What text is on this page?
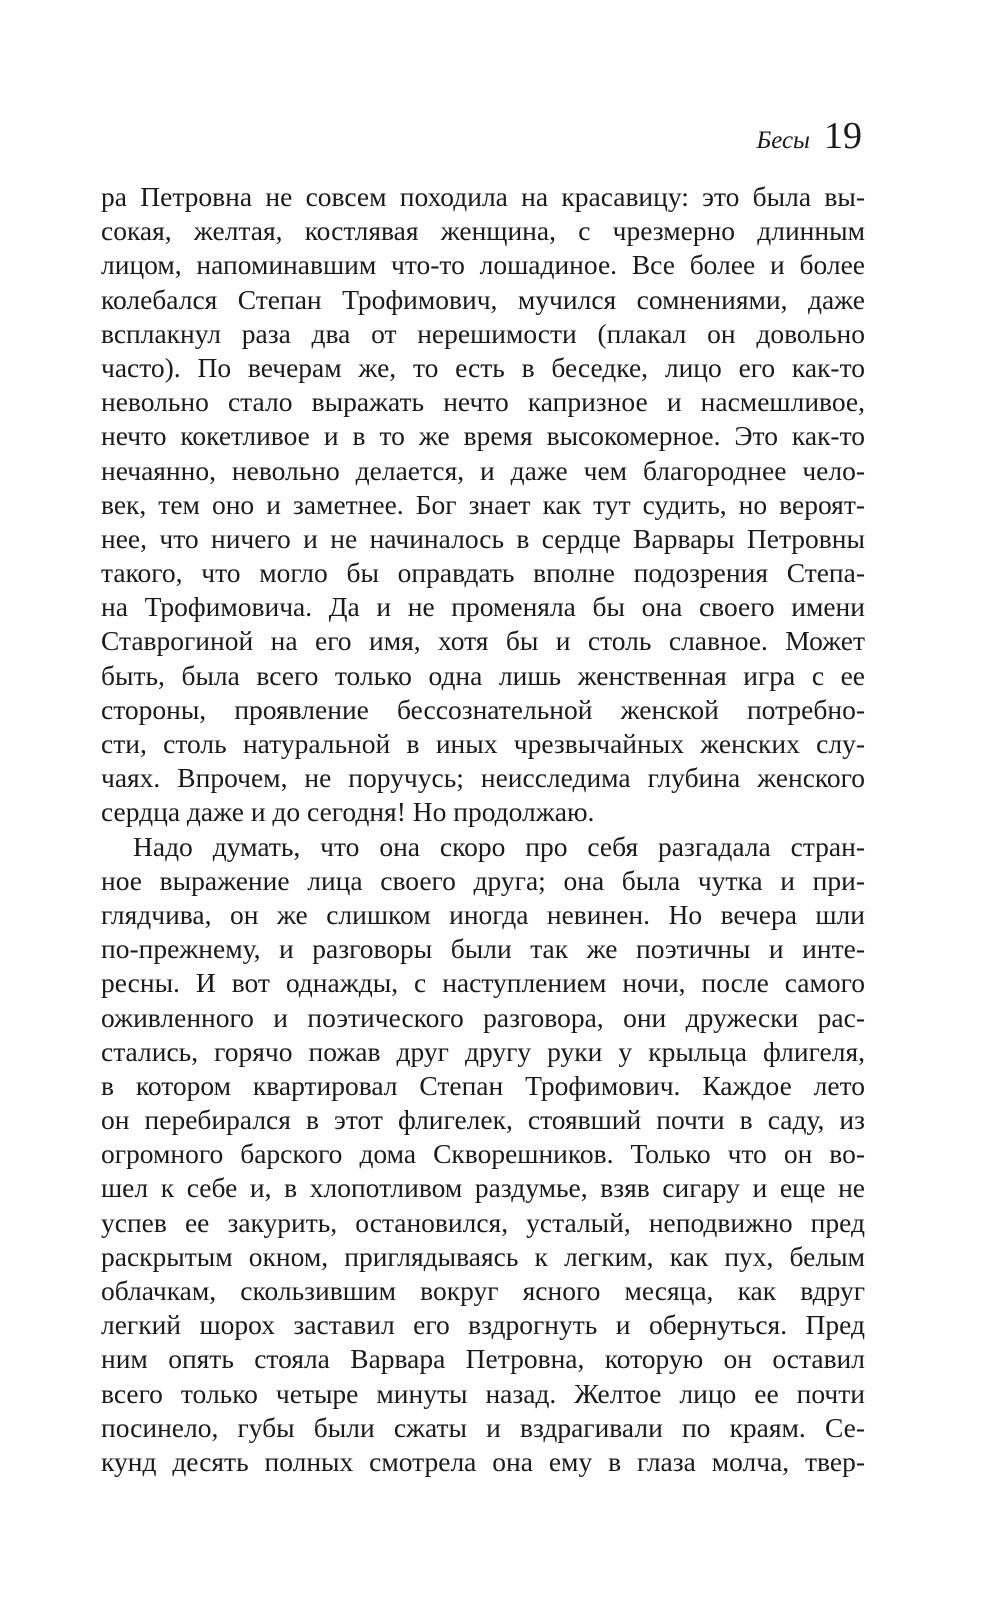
Бесы 19
ра Петровна не совсем походила на красавицу: это была вы-
сокая, желтая, костлявая женщина, с чрезмерно длинным
лицом, напоминавшим что-то лошадиное. Все более и более
колебался Степан Трофимович, мучился сомнениями, даже
всплакнул раза два от нерешимости (плакал он довольно
часто). По вечерам же, то есть в беседке, лицо его как-то
невольно стало выражать нечто капризное и насмешливое,
нечто кокетливое и в то же время высокомерное. Это как-то
нечаянно, невольно делается, и даже чем благороднее чело-
век, тем оно и заметнее. Бог знает как тут судить, но вероят-
нее, что ничего и не начиналось в сердце Варвары Петровны
такого, что могло бы оправдать вполне подозрения Степа-
на Трофимовича. Да и не променяла бы она своего имени
Ставрогиной на его имя, хотя бы и столь славное. Может
быть, была всего только одна лишь женственная игра с ее
стороны, проявление бессознательной женской потребно-
сти, столь натуральной в иных чрезвычайных женских слу-
чаях. Впрочем, не поручусь; неисследима глубина женского
сердца даже и до сегодня! Но продолжаю.
Надо думать, что она скоро про себя разгадала стран-
ное выражение лица своего друга; она была чутка и при-
глядчива, он же слишком иногда невинен. Но вечера шли
по-прежнему, и разговоры были так же поэтичны и инте-
ресны. И вот однажды, с наступлением ночи, после самого
оживленного и поэтического разговора, они дружески рас-
стались, горячо пожав друг другу руки у крыльца флигеля,
в котором квартировал Степан Трофимович. Каждое лето
он перебирался в этот флигелек, стоявший почти в саду, из
огромного барского дома Скворешников. Только что он во-
шел к себе и, в хлопотливом раздумье, взяв сигару и еще не
успев ее закурить, остановился, усталый, неподвижно пред
раскрытым окном, приглядываясь к легким, как пух, белым
облачкам, скользившим вокруг ясного месяца, как вдруг
легкий шорох заставил его вздрогнуть и обернуться. Пред
ним опять стояла Варвара Петровна, которую он оставил
всего только четыре минуты назад. Желтое лицо ее почти
посинело, губы были сжаты и вздрагивали по краям. Се-
кунд десять полных смотрела она ему в глаза молча, твер-
